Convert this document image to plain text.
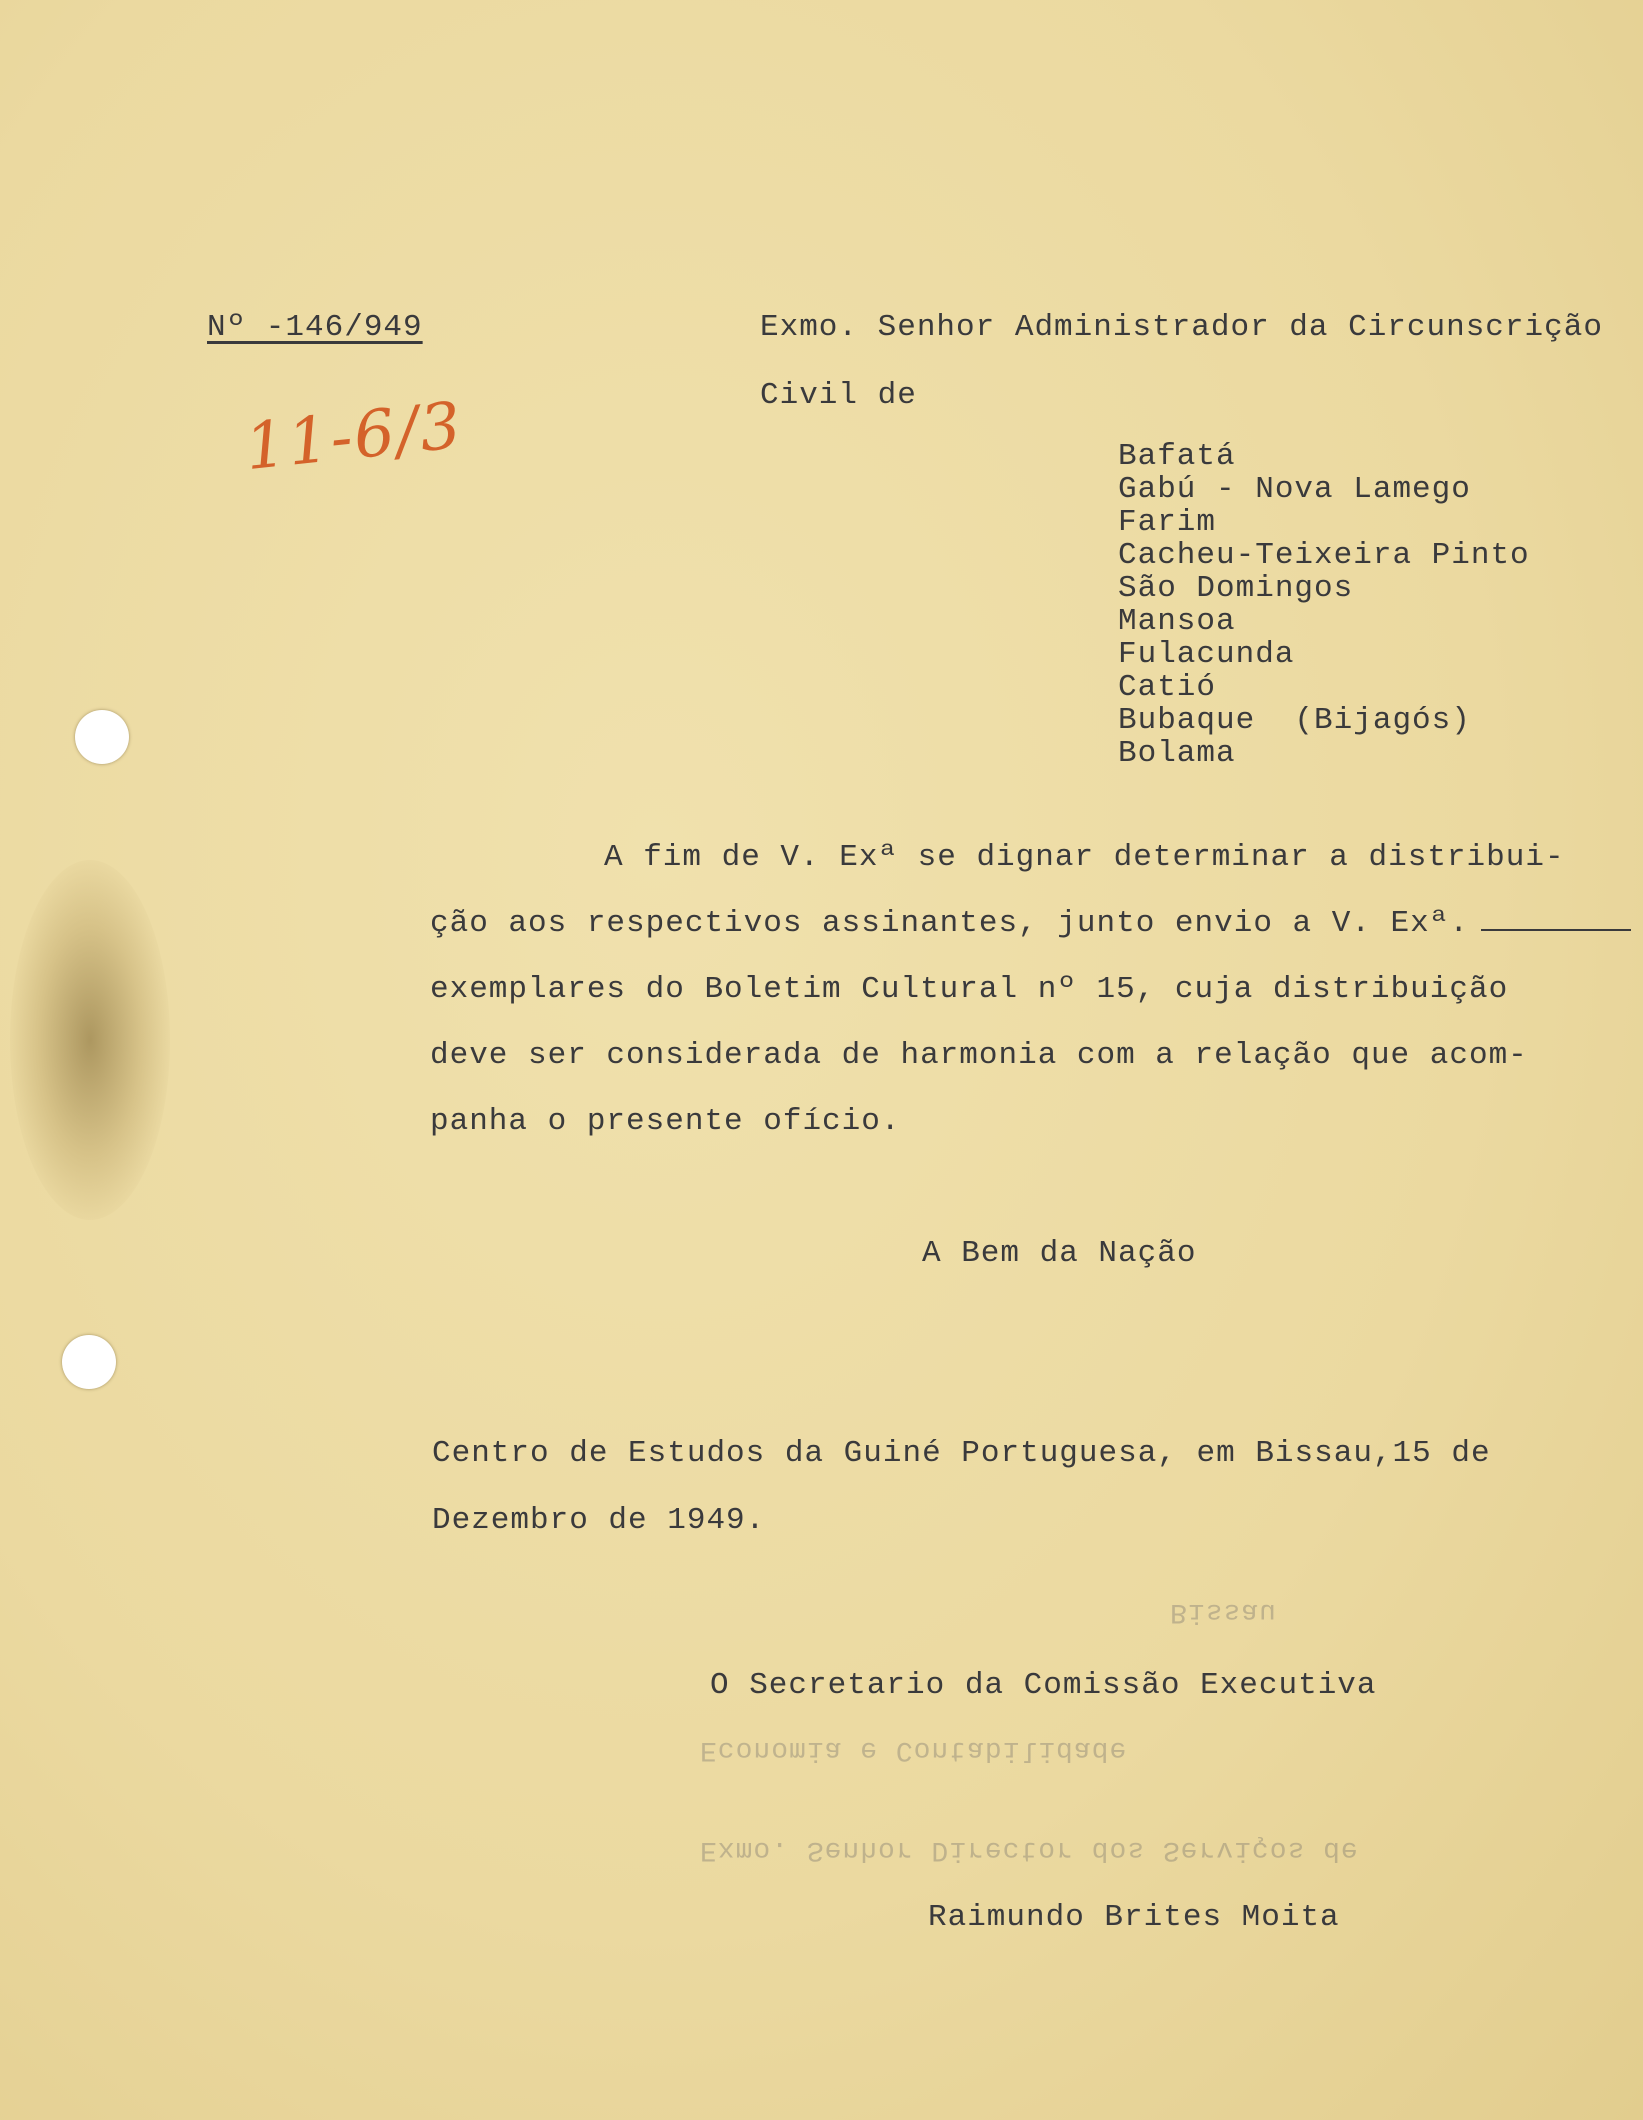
Nº -146/949
11-6/3
Exmo. Senhor Administrador da Circunscrição
Civil de
Bafatá
Gabú - Nova Lamego
Farim
Cacheu-Teixeira Pinto
São Domingos
Mansoa
Fulacunda
Catió
Bubaque  (Bijagós)
Bolama
A fim de V. Exª se dignar determinar a distribui-
ção aos respectivos assinantes, junto envio a V. Exª.
exemplares do Boletim Cultural nº 15, cuja distribuição
deve ser considerada de harmonia com a relação que acom-
panha o presente ofício.
A Bem da Nação
Centro de Estudos da Guiné Portuguesa, em Bissau,15 de
Dezembro de 1949.
Bissau
O Secretario da Comissão Executiva
Economia e Contabilidade
Exmo. Senhor Director dos Serviços de
Raimundo Brites Moita
